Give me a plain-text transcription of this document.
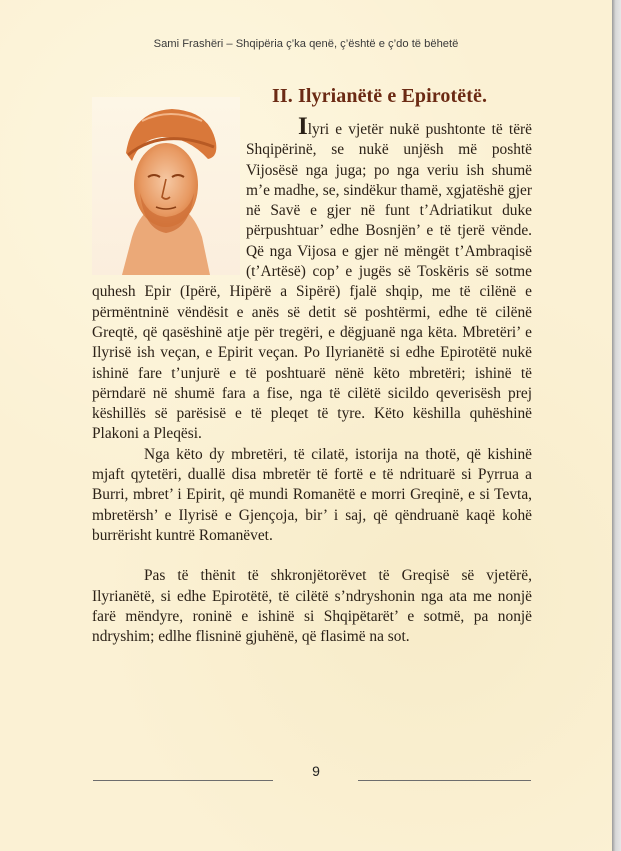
Sami Frashëri – Shqipëria ç’ka qenë, ç’është e ç’do të bëhetë
II. Ilyrianëtë e Epirotëtë.

Ilyri e vjetër nukë pushtonte të tërë Shqipërinë, se nukë unjësh më poshtë Vijosësë nga juga; po nga veriu ish shumë m’e madhe, se, sindëkur thamë, xgjatëshë gjer në Savë e gjer në funt t’Adriatikut duke përpushtuar’ edhe Bosnjën’ e të tjerë vënde. Që nga Vijosa e gjer në mëngët t’Ambraqisë (t’Artësë) cop’ e jugës së Toskëris së sotme quhesh Epir (Ipërë, Hipërë a Sipërë) fjalë shqip, me të cilënë e përmëntninë vëndësit e anës së detit së poshtërmi, edhe të cilënë Greqtë, që qasëshinë atje për tregëri, e dëgjuanë nga këta. Mbretëri’ e Ilyrisë ish veçan, e Epirit veçan. Po Ilyrianëtë si edhe Epirotëtë nukë ishinë fare t’unjurë e të poshtuarë nënë këto mbretëri; ishinë të përndarë në shumë fara a fise, nga të cilëtë sicildo qeverisësh prej këshillës së parësisë e të pleqet të tyre. Këto këshilla quhëshinë Plakoni a Pleqësi.

Nga këto dy mbretëri, të cilatë, istorija na thotë, që kishinë mjaft qytetëri, duallë disa mbretër të fortë e të ndrituarë si Pyrrua a Burri, mbret’ i Epirit, që mundi Romanëtë e morri Greqinë, e si Tevta, mbretërsh’ e Ilyrisë e Gjençoja, bir’ i saj, që qëndruanë kaqë kohë burrërisht kuntrë Romanëvet.

Pas të thënit të shkronjëtorëvet të Greqisë së vjetërë, Ilyrianëtë, si edhe Epirotëtë, të cilëtë s’ndryshonin nga ata me nonjë farë mëndyre, roninë e ishinë si Shqipëtarët’ e sotmë, pa nonjë ndryshim; edlhe flisninë gjuhënë, që flasimë na sot.

9
